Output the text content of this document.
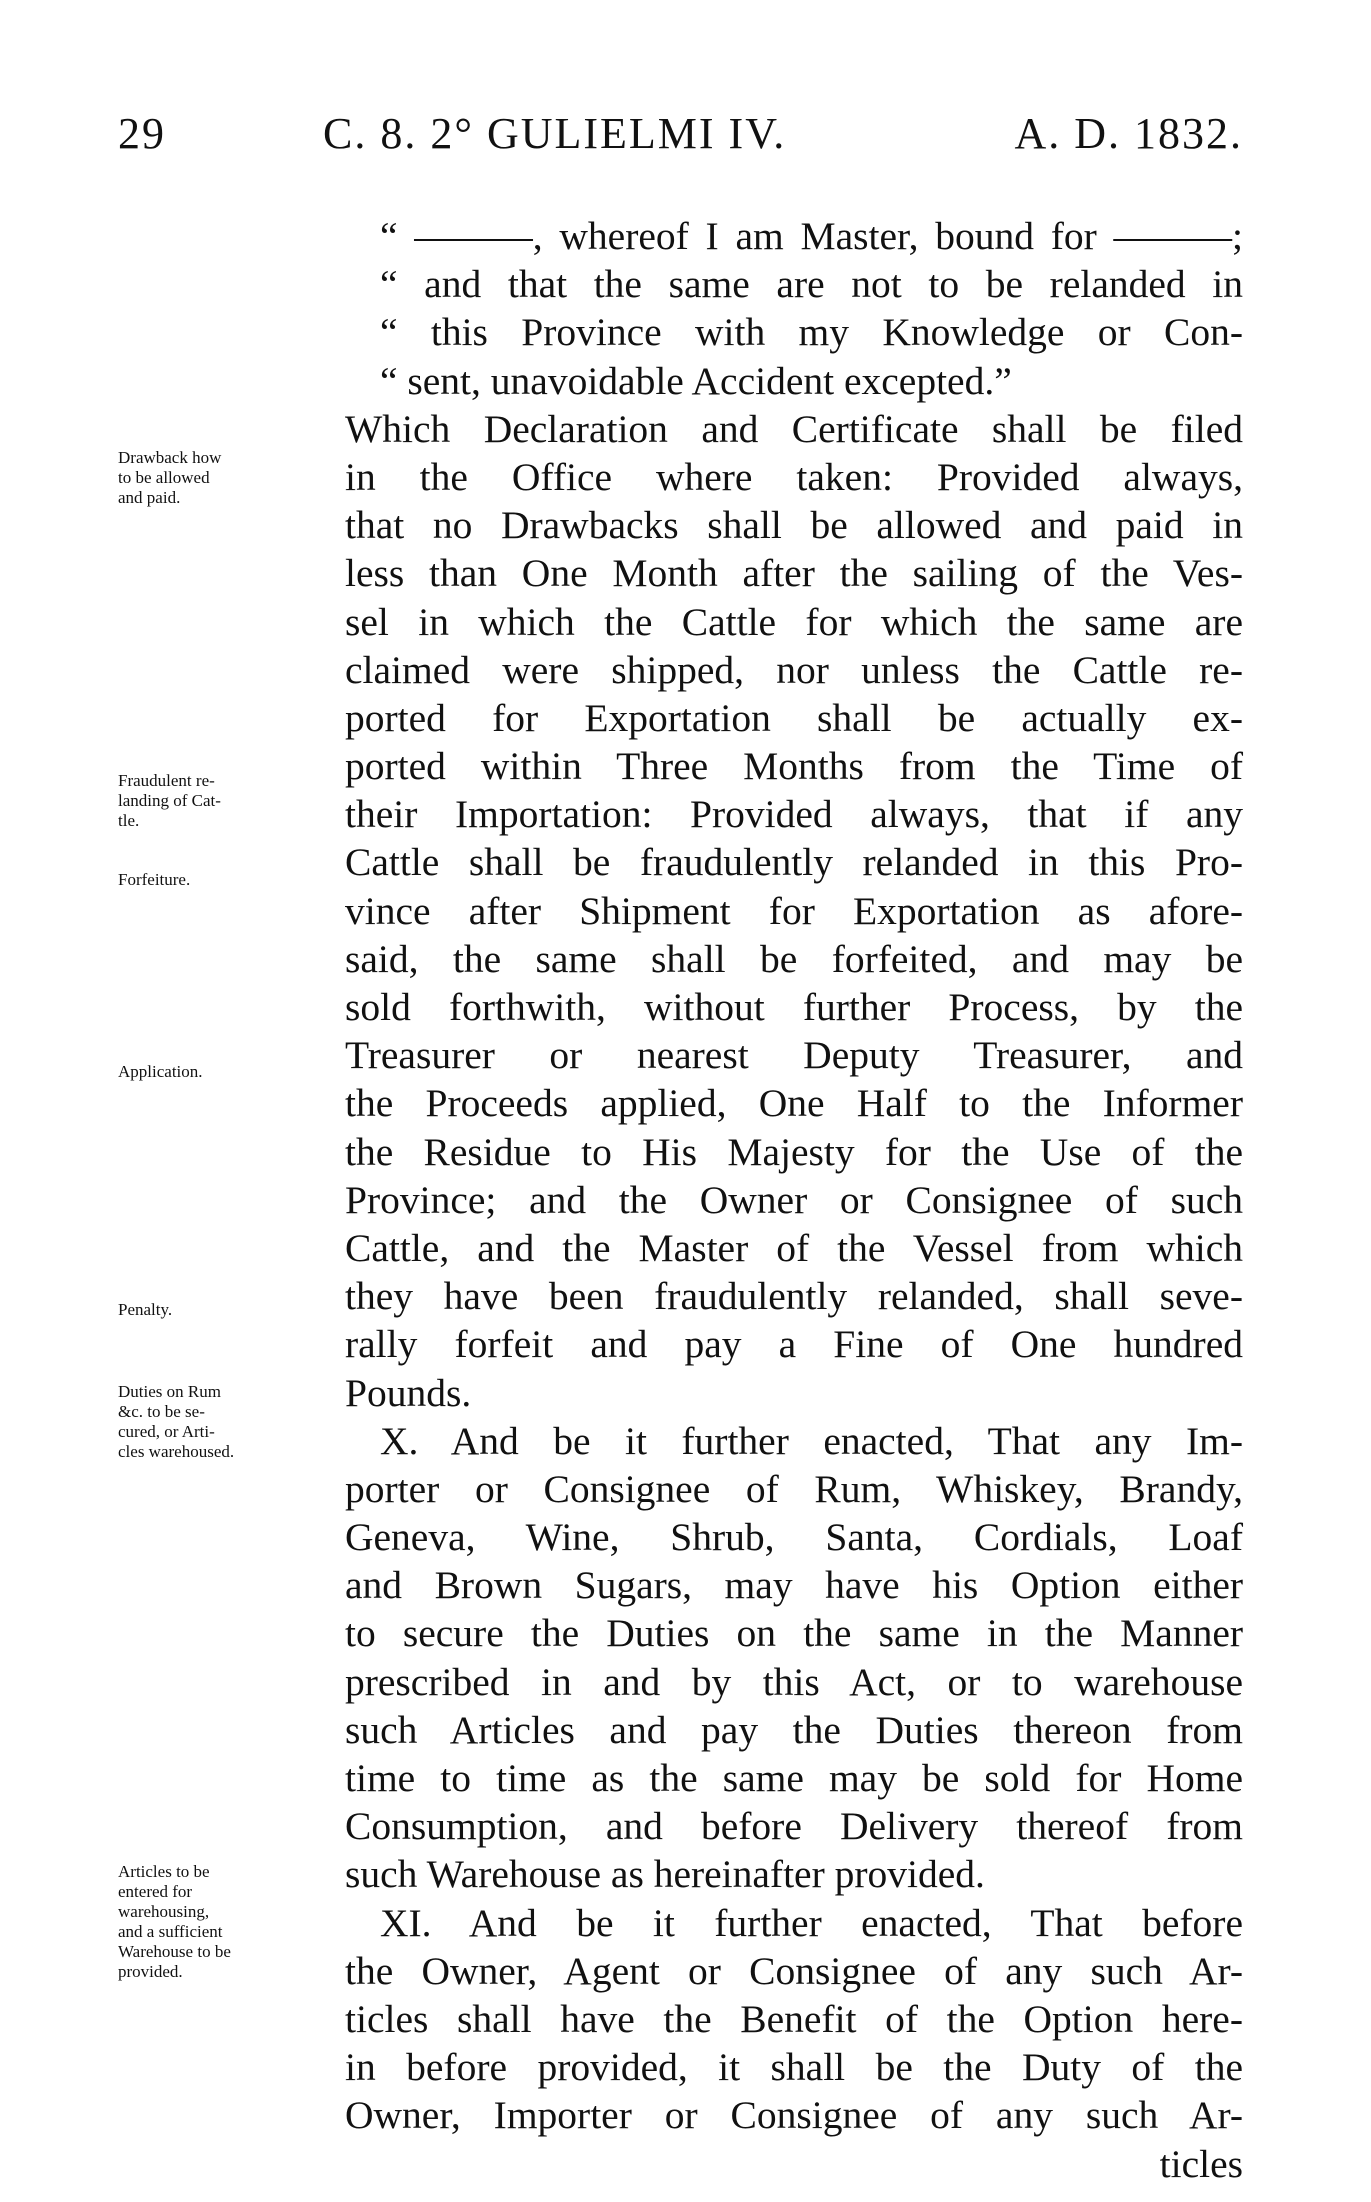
29	C. 8. 2° GULIELMI IV.	A. D. 1832.
“ ———, whereof I am Master, bound for ———;
“ and that the same are not to be relanded in
“ this Province with my Knowledge or Con-
“ sent, unavoidable Accident excepted.”
Which Declaration and Certificate shall be filed
in the Office where taken: Provided always,
that no Drawbacks shall be allowed and paid in
less than One Month after the sailing of the Ves-
sel in which the Cattle for which the same are
claimed were shipped, nor unless the Cattle re-
ported for Exportation shall be actually ex-
ported within Three Months from the Time of
their Importation: Provided always, that if any
Cattle shall be fraudulently relanded in this Pro-
vince after Shipment for Exportation as afore-
said, the same shall be forfeited, and may be
sold forthwith, without further Process, by the
Treasurer or nearest Deputy Treasurer, and
the Proceeds applied, One Half to the Informer
the Residue to His Majesty for the Use of the
Province; and the Owner or Consignee of such
Cattle, and the Master of the Vessel from which
they have been fraudulently relanded, shall seve-
rally forfeit and pay a Fine of One hundred
Pounds.
X. And be it further enacted, That any Im-
porter or Consignee of Rum, Whiskey, Brandy,
Geneva, Wine, Shrub, Santa, Cordials, Loaf
and Brown Sugars, may have his Option either
to secure the Duties on the same in the Manner
prescribed in and by this Act, or to warehouse
such Articles and pay the Duties thereon from
time to time as the same may be sold for Home
Consumption, and before Delivery thereof from
such Warehouse as hereinafter provided.
XI. And be it further enacted, That before
the Owner, Agent or Consignee of any such Ar-
ticles shall have the Benefit of the Option here-
in before provided, it shall be the Duty of the
Owner, Importer or Consignee of any such Ar-
ticles
Drawback how
to be allowed
and paid.
Fraudulent re-
landing of Cat-
tle.
Forfeiture.
Application.
Penalty.
Duties on Rum
&c. to be se-
cured, or Arti-
cles warehoused.
Articles to be
entered for
warehousing,
and a sufficient
Warehouse to be
provided.
